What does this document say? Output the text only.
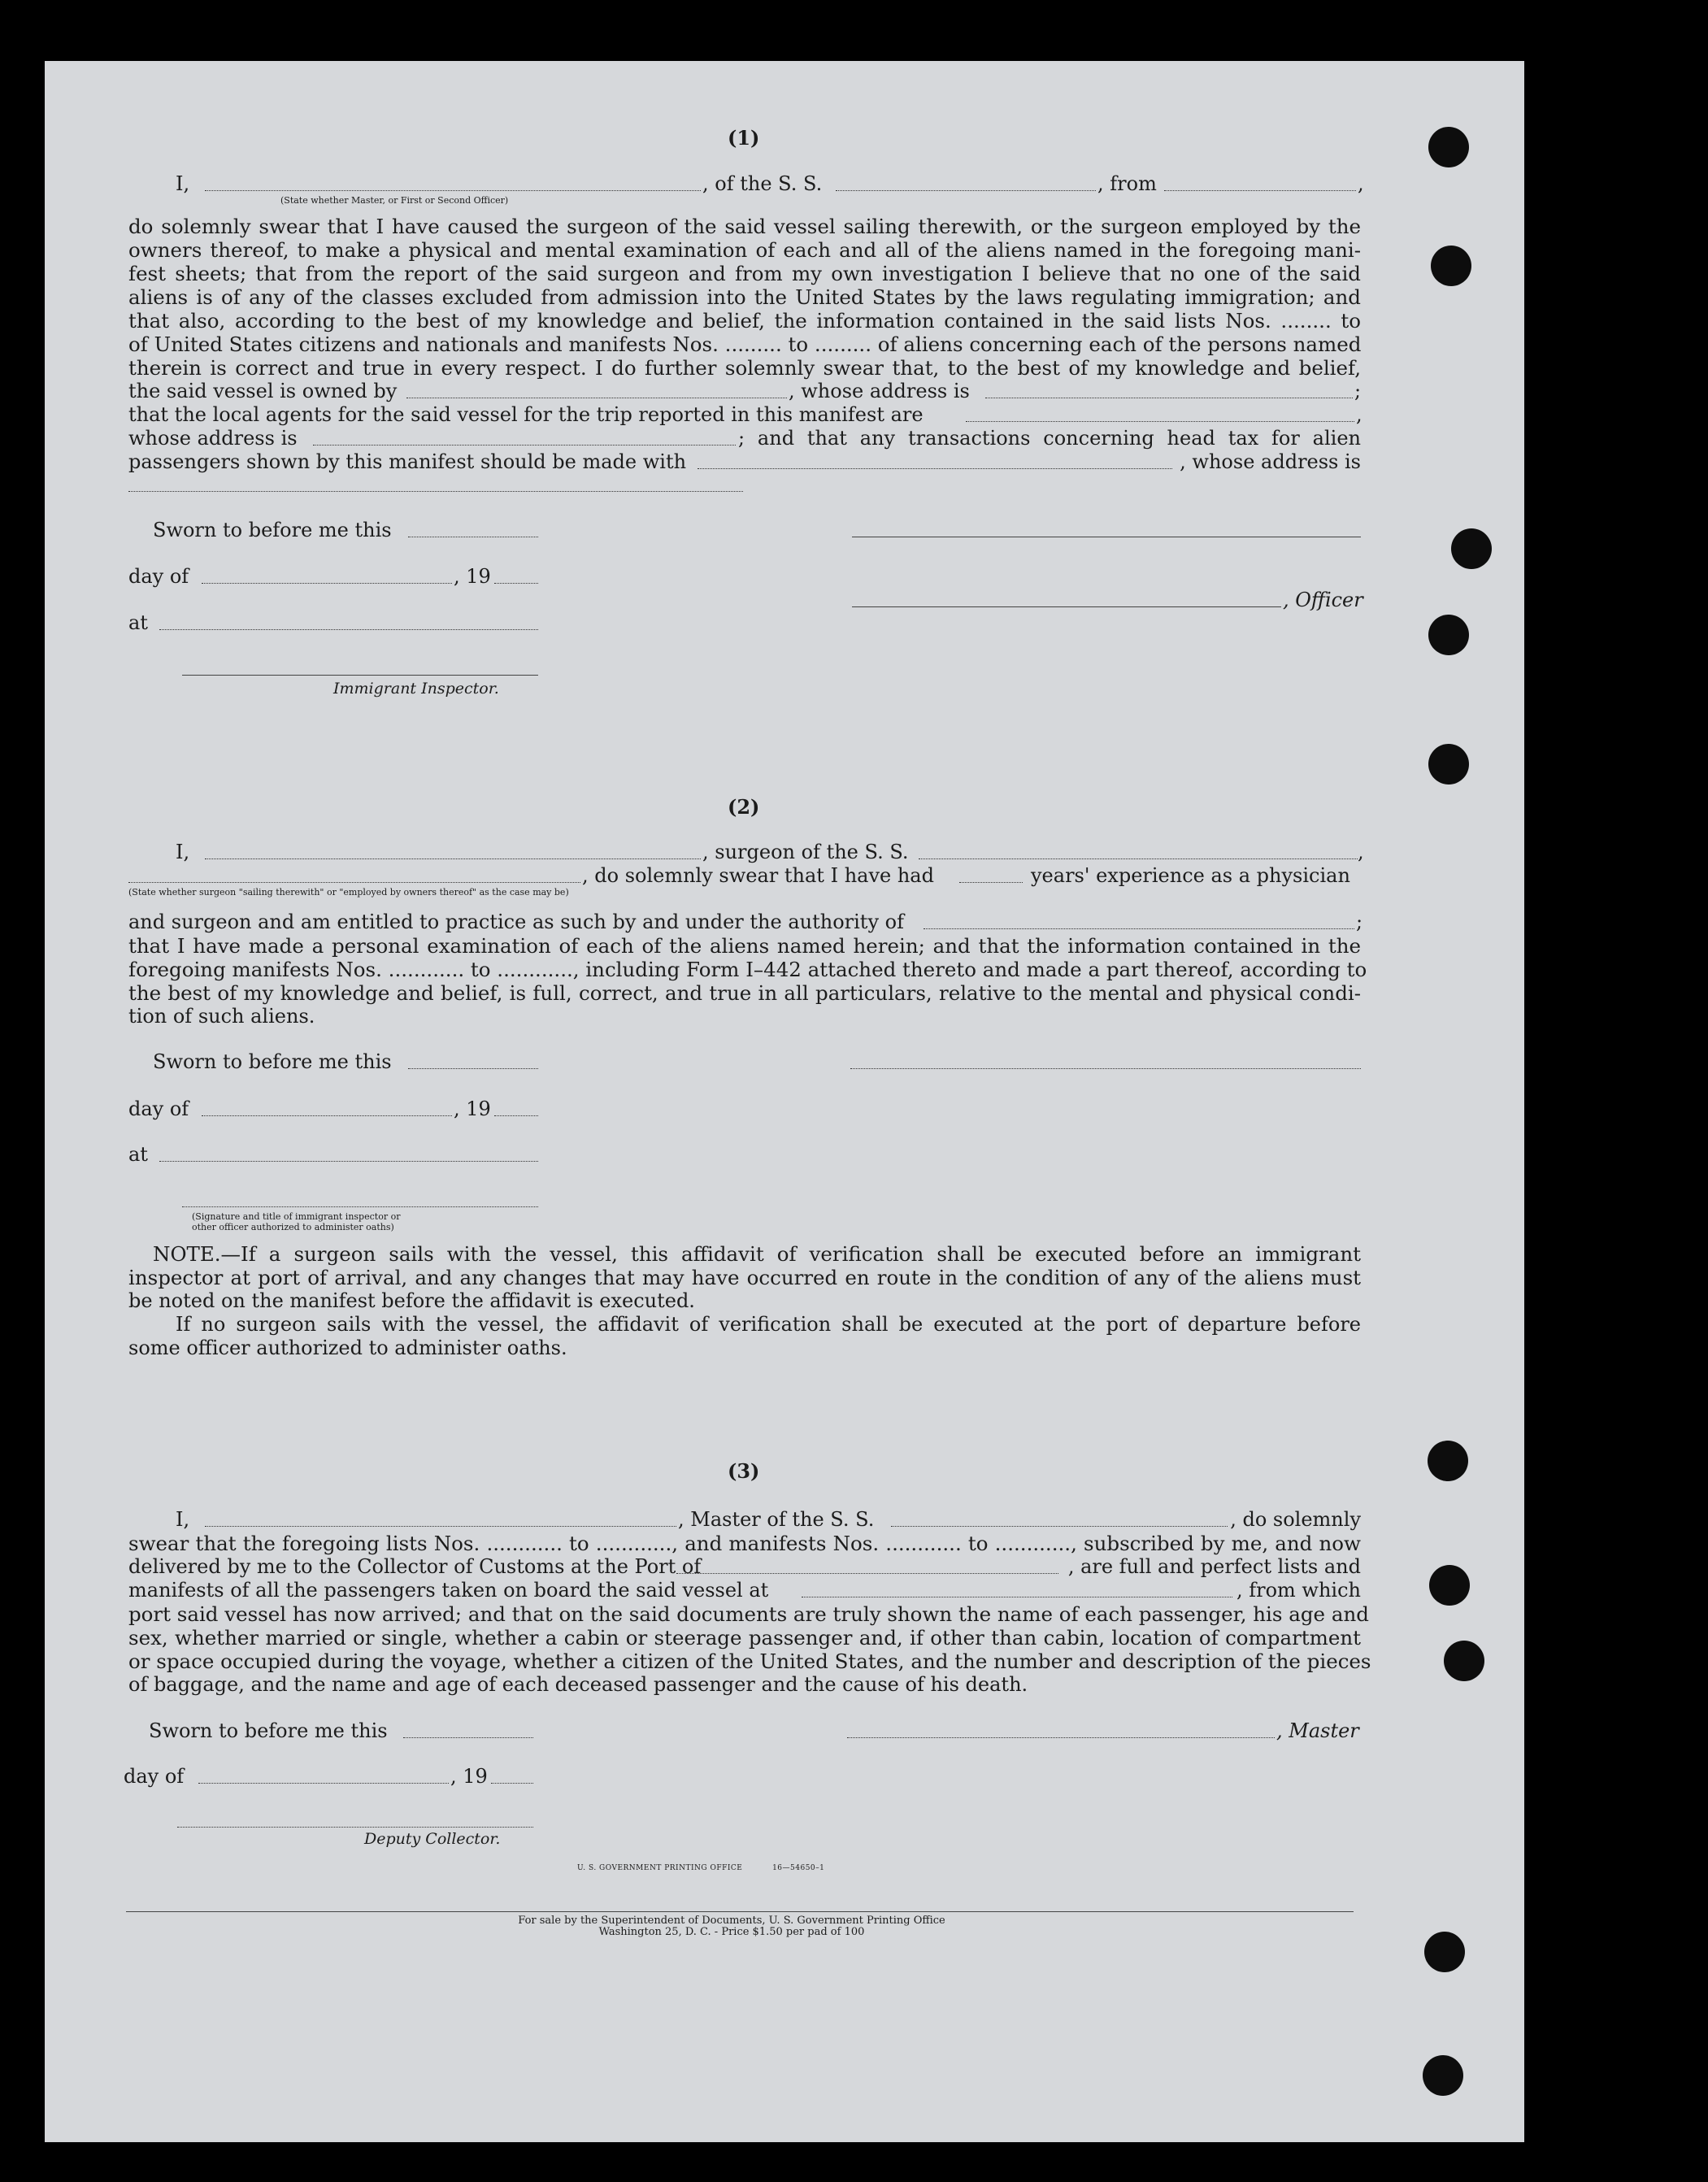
(1)
I,	, of the S. S.	, from	,
(State whether Master, or First or Second Officer)
do solemnly swear that I have caused the surgeon of the said vessel sailing therewith, or the surgeon employed by the
owners thereof, to make a physical and mental examination of each and all of the aliens named in the foregoing mani-
fest sheets; that from the report of the said surgeon and from my own investigation I believe that no one of the said
aliens is of any of the classes excluded from admission into the United States by the laws regulating immigration; and
that also, according to the best of my knowledge and belief, the information contained in the said lists Nos. ........ to
of United States citizens and nationals and manifests Nos. ......... to ......... of aliens concerning each of the persons named
therein is correct and true in every respect. I do further solemnly swear that, to the best of my knowledge and belief,
the said vessel is owned by	, whose address is	;
that the local agents for the said vessel for the trip reported in this manifest are	,
whose address is	; and that any transactions concerning head tax for alien
passengers shown by this manifest should be made with	, whose address is
Sworn to before me this
day of	, 19
, Officer
at
Immigrant Inspector.
(2)
I,	, surgeon of the S. S.	,
, do solemnly swear that I have had	years' experience as a physician
(State whether surgeon "sailing therewith" or "employed by owners thereof" as the case may be)
and surgeon and am entitled to practice as such by and under the authority of	;
that I have made a personal examination of each of the aliens named herein; and that the information contained in the
foregoing manifests Nos. ............ to ............, including Form I–442 attached thereto and made a part thereof, according to
the best of my knowledge and belief, is full, correct, and true in all particulars, relative to the mental and physical condi-
tion of such aliens.
Sworn to before me this
day of	, 19
at
(Signature and title of immigrant inspector or
other officer authorized to administer oaths)
NOTE.—If a surgeon sails with the vessel, this affidavit of verification shall be executed before an immigrant
inspector at port of arrival, and any changes that may have occurred en route in the condition of any of the aliens must
be noted on the manifest before the affidavit is executed.
If no surgeon sails with the vessel, the affidavit of verification shall be executed at the port of departure before
some officer authorized to administer oaths.
(3)
I,	, Master of the S. S.	, do solemnly
swear that the foregoing lists Nos. ............ to ............, and manifests Nos. ............ to ............, subscribed by me, and now
delivered by me to the Collector of Customs at the Port of	, are full and perfect lists and
manifests of all the passengers taken on board the said vessel at	, from which
port said vessel has now arrived; and that on the said documents are truly shown the name of each passenger, his age and
sex, whether married or single, whether a cabin or steerage passenger and, if other than cabin, location of compartment
or space occupied during the voyage, whether a citizen of the United States, and the number and description of the pieces
of baggage, and the name and age of each deceased passenger and the cause of his death.
Sworn to before me this	, Master
day of	, 19
Deputy Collector.
U. S. GOVERNMENT PRINTING OFFICE	16—54650–1
For sale by the Superintendent of Documents, U. S. Government Printing Office
Washington 25, D. C. - Price $1.50 per pad of 100
